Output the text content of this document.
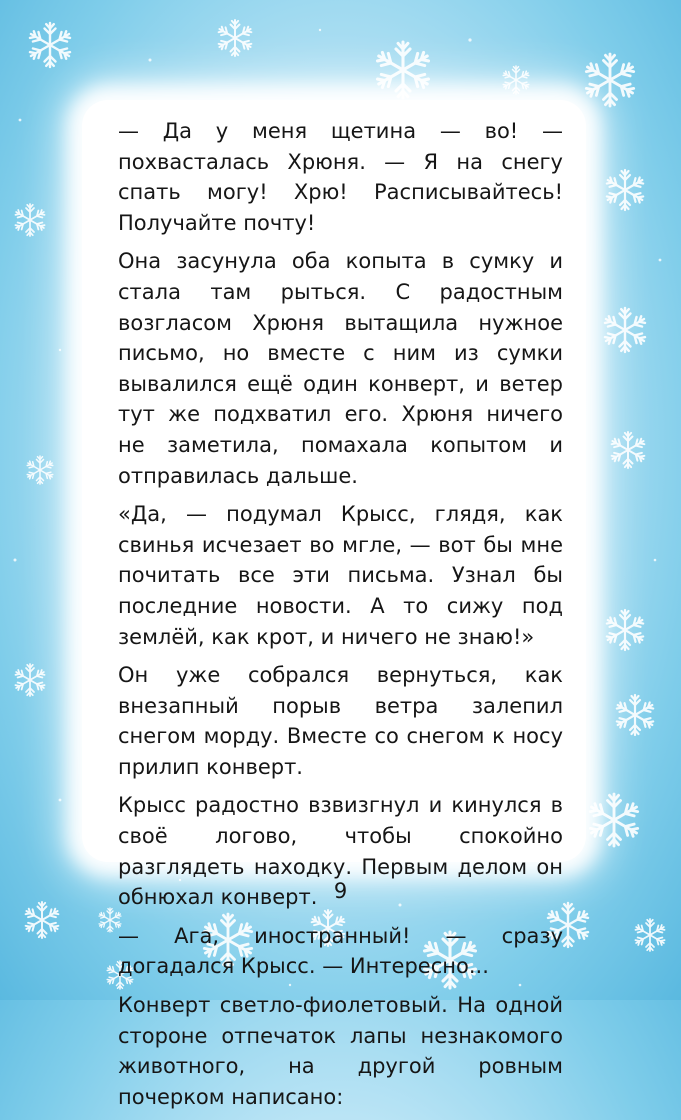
— Да у меня щетина — во! — похвасталась Хрюня. — Я на снегу спать могу! Хрю! Расписывайтесь! Получайте почту!

Она засунула оба копыта в сумку и стала там рыться. С радостным возгласом Хрюня вытащила нужное письмо, но вместе с ним из сумки вывалился ещё один конверт, и ветер тут же подхватил его. Хрюня ничего не заметила, помахала копытом и отправилась дальше.

«Да, — подумал Крысс, глядя, как свинья исчезает во мгле, — вот бы мне почитать все эти письма. Узнал бы последние новости. А то сижу под землёй, как крот, и ничего не знаю!»

Он уже собрался вернуться, как внезапный порыв ветра залепил снегом морду. Вместе со снегом к носу прилип конверт.

Крысс радостно взвизгнул и кинулся в своё логово, чтобы спокойно разглядеть находку. Первым делом он обнюхал конверт.

— Ага, иностранный! — сразу догадался Крысс. — Интересно...

Конверт светло-фиолетовый. На одной стороне отпечаток лапы незнакомого животного, на другой ровным почерком написано:

9
